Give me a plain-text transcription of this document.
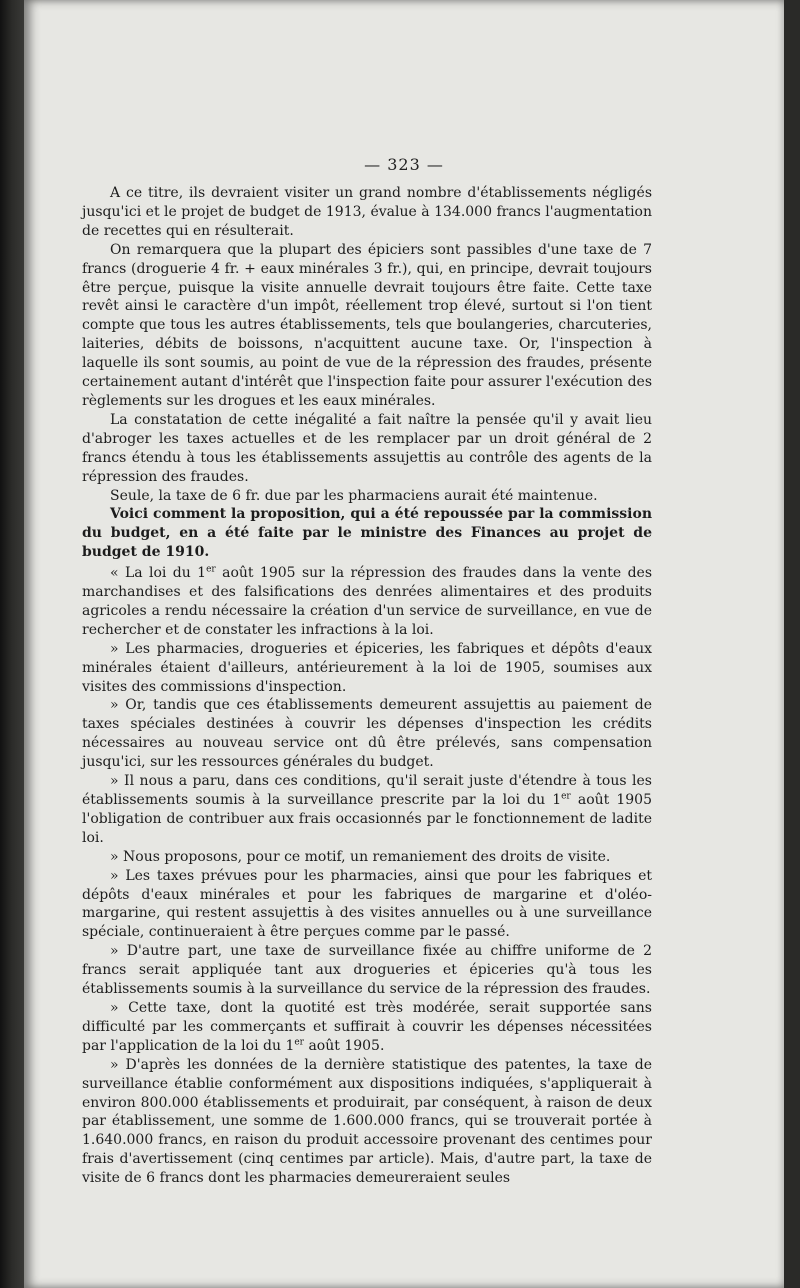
— 323 —

A ce titre, ils devraient visiter un grand nombre d'établissements négligés jusqu'ici et le projet de budget de 1913, évalue à 134.000 francs l'augmentation de recettes qui en résulterait.

On remarquera que la plupart des épiciers sont passibles d'une taxe de 7 francs (droguerie 4 fr. + eaux minérales 3 fr.), qui, en principe, devrait toujours être perçue, puisque la visite annuelle devrait toujours être faite. Cette taxe revêt ainsi le caractère d'un impôt, réellement trop élevé, surtout si l'on tient compte que tous les autres établissements, tels que boulangeries, charcuteries, laiteries, débits de boissons, n'acquittent aucune taxe. Or, l'inspection à laquelle ils sont soumis, au point de vue de la répression des fraudes, présente certainement autant d'intérêt que l'inspection faite pour assurer l'exécution des règlements sur les drogues et les eaux minérales.

La constatation de cette inégalité a fait naître la pensée qu'il y avait lieu d'abroger les taxes actuelles et de les remplacer par un droit général de 2 francs étendu à tous les établissements assujettis au contrôle des agents de la répression des fraudes.

Seule, la taxe de 6 fr. due par les pharmaciens aurait été maintenue.

Voici comment la proposition, qui a été repoussée par la commission du budget, en a été faite par le ministre des Finances au projet de budget de 1910.

« La loi du 1er août 1905 sur la répression des fraudes dans la vente des marchandises et des falsifications des denrées alimentaires et des produits agricoles a rendu nécessaire la création d'un service de surveillance, en vue de rechercher et de constater les infractions à la loi.

» Les pharmacies, drogueries et épiceries, les fabriques et dépôts d'eaux minérales étaient d'ailleurs, antérieurement à la loi de 1905, soumises aux visites des commissions d'inspection.

» Or, tandis que ces établissements demeurent assujettis au paiement de taxes spéciales destinées à couvrir les dépenses d'inspection les crédits nécessaires au nouveau service ont dû être prélevés, sans compensation jusqu'ici, sur les ressources générales du budget.

» Il nous a paru, dans ces conditions, qu'il serait juste d'étendre à tous les établissements soumis à la surveillance prescrite par la loi du 1er août 1905 l'obligation de contribuer aux frais occasionnés par le fonctionnement de ladite loi.

» Nous proposons, pour ce motif, un remaniement des droits de visite.

» Les taxes prévues pour les pharmacies, ainsi que pour les fabriques et dépôts d'eaux minérales et pour les fabriques de margarine et d'oléo-margarine, qui restent assujettis à des visites annuelles ou à une surveillance spéciale, continueraient à être perçues comme par le passé.

» D'autre part, une taxe de surveillance fixée au chiffre uniforme de 2 francs serait appliquée tant aux drogueries et épiceries qu'à tous les établissements soumis à la surveillance du service de la répression des fraudes.

» Cette taxe, dont la quotité est très modérée, serait supportée sans difficulté par les commerçants et suffirait à couvrir les dépenses nécessitées par l'application de la loi du 1er août 1905.

» D'après les données de la dernière statistique des patentes, la taxe de surveillance établie conformément aux dispositions indiquées, s'appliquerait à environ 800.000 établissements et produirait, par conséquent, à raison de deux par établissement, une somme de 1.600.000 francs, qui se trouverait portée à 1.640.000 francs, en raison du produit accessoire provenant des centimes pour frais d'avertissement (cinq centimes par article). Mais, d'autre part, la taxe de visite de 6 francs dont les pharmacies demeureraient seules
